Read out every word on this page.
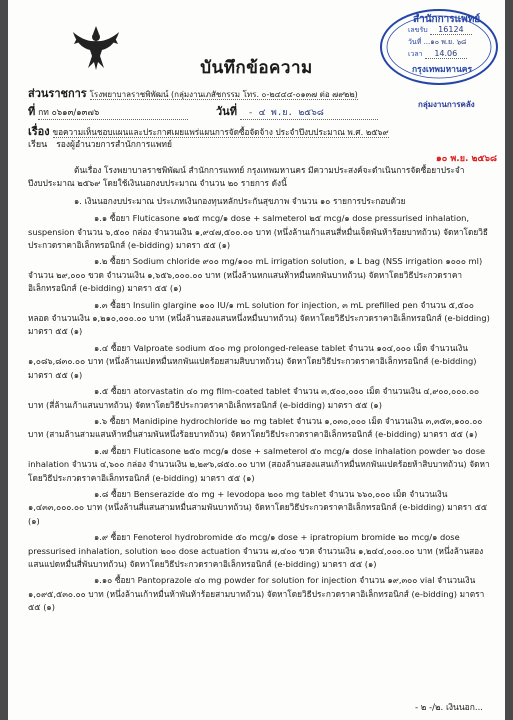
บันทึกข้อความ
สำนักการแพทย์
เลขรับ 16124
วันที่ ...๑๐ พ.ย. ๖๘
เวลา 14.06
กรุงเทพมหานคร
ส่วนราชการ โรงพยาบาลราชพิพัฒน์ (กลุ่มงานเภสัชกรรม โทร. ๐-๒๔๔๔-๐๑๓๗ ต่อ ๗๙๒๒)
ที่ กท ๐๖๑๓/๑๓๗๖	วันที่ - ๔ พ.ย. ๒๕๖๘
กลุ่มงานการคลัง
เรื่อง ขอความเห็นชอบแผนและประกาศเผยแพร่แผนการจัดซื้อจัดจ้าง ประจำปีงบประมาณ พ.ศ. ๒๕๖๙
เรียน รองผู้อำนวยการสำนักการแพทย์
๑๐ พ.ย. ๒๕๖๘

ต้นเรื่อง โรงพยาบาลราชพิพัฒน์ สำนักการแพทย์ กรุงเทพมหานคร มีความประสงค์จะดำเนินการจัดซื้อยาประจำปีงบประมาณ ๒๕๖๙ โดยใช้เงินนอกงบประมาณ จำนวน ๒๐ รายการ ดังนี้

๑. เงินนอกงบประมาณ ประเภทเงินกองทุนหลักประกันสุขภาพ จำนวน ๑๐ รายการประกอบด้วย

๑.๑ ซื้อยา Fluticasone ๑๒๕ mcg/๑ dose + salmeterol ๒๕ mcg/๑ dose pressurised inhalation, suspension จำนวน ๖,๕๐๐ กล่อง จำนวนเงิน ๑,๙๔๗,๕๐๐.๐๐ บาท (หนึ่งล้านเก้าแสนสี่หมื่นเจ็ดพันห้าร้อยบาทถ้วน) จัดหาโดยวิธีประกวดราคาอิเล็กทรอนิกส์ (e-bidding) มาตรา ๕๕ (๑)

๑.๒ ซื้อยา Sodium chloride ๙๐๐ mg/๑๐๐ mL irrigation solution, ๑ L bag (NSS irrigation ๑๐๐๐ ml) จำนวน ๒๙,๐๐๐ ขวด จำนวนเงิน ๑,๖๕๖,๐๐๐.๐๐ บาท (หนึ่งล้านหกแสนห้าหมื่นหกพันบาทถ้วน) จัดหาโดยวิธีประกวดราคาอิเล็กทรอนิกส์ (e-bidding) มาตรา ๕๕ (๑)

๑.๓ ซื้อยา Insulin glargine ๑๐๐ IU/๑ mL solution for injection, ๓ mL prefilled pen จำนวน ๕,๕๐๐ หลอด จำนวนเงิน ๑,๒๑๐,๐๐๐.๐๐ บาท (หนึ่งล้านสองแสนหนึ่งหมื่นบาทถ้วน) จัดหาโดยวิธีประกวดราคาอิเล็กทรอนิกส์ (e-bidding) มาตรา ๕๕ (๑)

๑.๔ ซื้อยา Valproate sodium ๕๐๐ mg prolonged-release tablet จำนวน ๑๐๔,๐๐๐ เม็ด จำนวนเงิน ๑,๐๘๖,๘๓๐.๐๐ บาท (หนึ่งล้านแปดหมื่นหกพันแปดร้อยสามสิบบาทถ้วน) จัดหาโดยวิธีประกวดราคาอิเล็กทรอนิกส์ (e-bidding) มาตรา ๕๕ (๑)

๑.๕ ซื้อยา atorvastatin ๔๐ mg film-coated tablet จำนวน ๓,๕๐๐,๐๐๐ เม็ด จำนวนเงิน ๔,๙๐๐,๐๐๐.๐๐ บาท (สี่ล้านเก้าแสนบาทถ้วน) จัดหาโดยวิธีประกวดราคาอิเล็กทรอนิกส์ (e-bidding) มาตรา ๕๕ (๑)

๑.๖ ซื้อยา Manidipine hydrochloride ๒๐ mg tablet จำนวน ๑,๐๓๐,๐๐๐ เม็ด จำนวนเงิน ๓,๓๕๓,๑๐๐.๐๐ บาท (สามล้านสามแสนห้าหมื่นสามพันหนึ่งร้อยบาทถ้วน) จัดหาโดยวิธีประกวดราคาอิเล็กทรอนิกส์ (e-bidding) มาตรา ๕๕ (๑)

๑.๗ ซื้อยา Fluticasone ๒๕๐ mcg/๑ dose + salmeterol ๕๐ mcg/๑ dose inhalation powder ๖๐ dose inhalation จำนวน ๔,๖๐๐ กล่อง จำนวนเงิน ๒,๒๙๖,๘๕๐.๐๐ บาท (สองล้านสองแสนเก้าหมื่นหกพันแปดร้อยห้าสิบบาทถ้วน) จัดหาโดยวิธีประกวดราคาอิเล็กทรอนิกส์ (e-bidding) มาตรา ๕๕ (๑)

๑.๘ ซื้อยา Benserazide ๕๐ mg + levodopa ๒๐๐ mg tablet จำนวน ๖๖๐,๐๐๐ เม็ด จำนวนเงิน ๑,๔๓๓,๐๐๐.๐๐ บาท (หนึ่งล้านสี่แสนสามหมื่นสามพันบาทถ้วน) จัดหาโดยวิธีประกวดราคาอิเล็กทรอนิกส์ (e-bidding) มาตรา ๕๕ (๑)

๑.๙ ซื้อยา Fenoterol hydrobromide ๕๐ mcg/๑ dose + ipratropium bromide ๒๐ mcg/๑ dose pressurised inhalation, solution ๒๐๐ dose actuation จำนวน ๗,๔๐๐ ขวด จำนวนเงิน ๑,๒๔๔,๐๐๐.๐๐ บาท (หนึ่งล้านสองแสนแปดหมื่นสี่พันบาทถ้วน) จัดหาโดยวิธีประกวดราคาอิเล็กทรอนิกส์ (e-bidding) มาตรา ๕๕ (๑)

๑.๑๐ ซื้อยา Pantoprazole ๔๐ mg powder for solution for injection จำนวน ๑๙,๓๐๐ vial จำนวนเงิน ๑,๐๙๕,๕๓๐.๐๐ บาท (หนึ่งล้านเก้าหมื่นห้าพันห้าร้อยสามบาทถ้วน) จัดหาโดยวิธีประกวดราคาอิเล็กทรอนิกส์ (e-bidding) มาตรา ๕๕ (๑)

- ๒ -/๒. เงินนอก...
